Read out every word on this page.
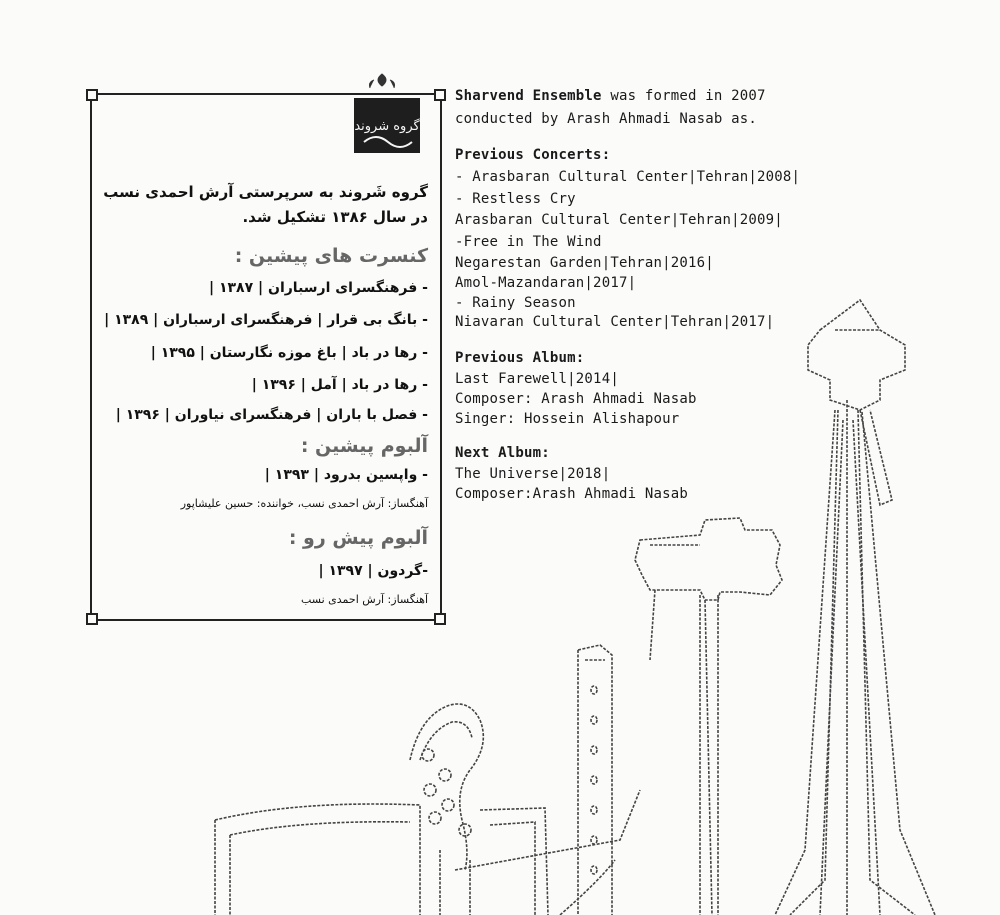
گروه شروند
گروه شَروند به سرپرستی آرش احمدی نسب در سال ۱۳۸۶ تشکیل شد.
کنسرت های پیشین :
- فرهنگسرای ارسباران | ۱۳۸۷ |
- بانگ بی قرار | فرهنگسرای ارسباران | ۱۳۸۹ |
- رها در باد | باغ موزه نگارستان | ۱۳۹۵ |
- رها در باد | آمل | ۱۳۹۶ |
- فصل با باران | فرهنگسرای نیاوران | ۱۳۹۶ |
آلبوم پیشین :
- واپسین بدرود | ۱۳۹۳ |
آهنگساز: آرش احمدی نسب، خواننده: حسین علیشاپور
آلبوم پیش رو :
-گردون | ۱۳۹۷ |
آهنگساز: آرش احمدی نسب
Sharvend Ensemble was formed in 2007
conducted by Arash Ahmadi Nasab as.
Previous Concerts:
- Arasbaran Cultural Center|Tehran|2008|
- Restless Cry
Arasbaran Cultural Center|Tehran|2009|
-Free in The Wind
Negarestan Garden|Tehran|2016|
Amol-Mazandaran|2017|
- Rainy Season
Niavaran Cultural Center|Tehran|2017|
Previous Album:
Last Farewell|2014|
Composer: Arash Ahmadi Nasab
Singer: Hossein Alishapour
Next Album:
The Universe|2018|
Composer:Arash Ahmadi Nasab
